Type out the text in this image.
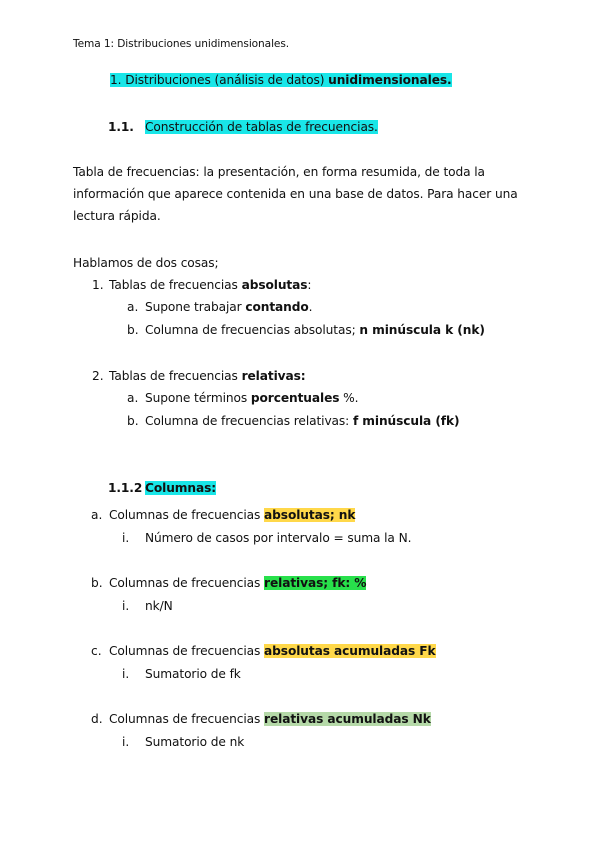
Tema 1: Distribuciones unidimensionales.
1. Distribuciones (análisis de datos) unidimensionales.
1.1. Construcción de tablas de frecuencias.
Tabla de frecuencias: la presentación, en forma resumida, de toda la
información que aparece contenida en una base de datos. Para hacer una
lectura rápida.
Hablamos de dos cosas;
1. Tablas de frecuencias absolutas:
a. Supone trabajar contando.
b. Columna de frecuencias absolutas; n minúscula k (nk)
2. Tablas de frecuencias relativas:
a. Supone términos porcentuales %.
b. Columna de frecuencias relativas: f minúscula (fk)
1.1.2 Columnas:
a. Columnas de frecuencias absolutas; nk
i. Número de casos por intervalo = suma la N.
b. Columnas de frecuencias relativas; fk: %
i. nk/N
c. Columnas de frecuencias absolutas acumuladas Fk
i. Sumatorio de fk
d. Columnas de frecuencias relativas acumuladas Nk
i. Sumatorio de nk
